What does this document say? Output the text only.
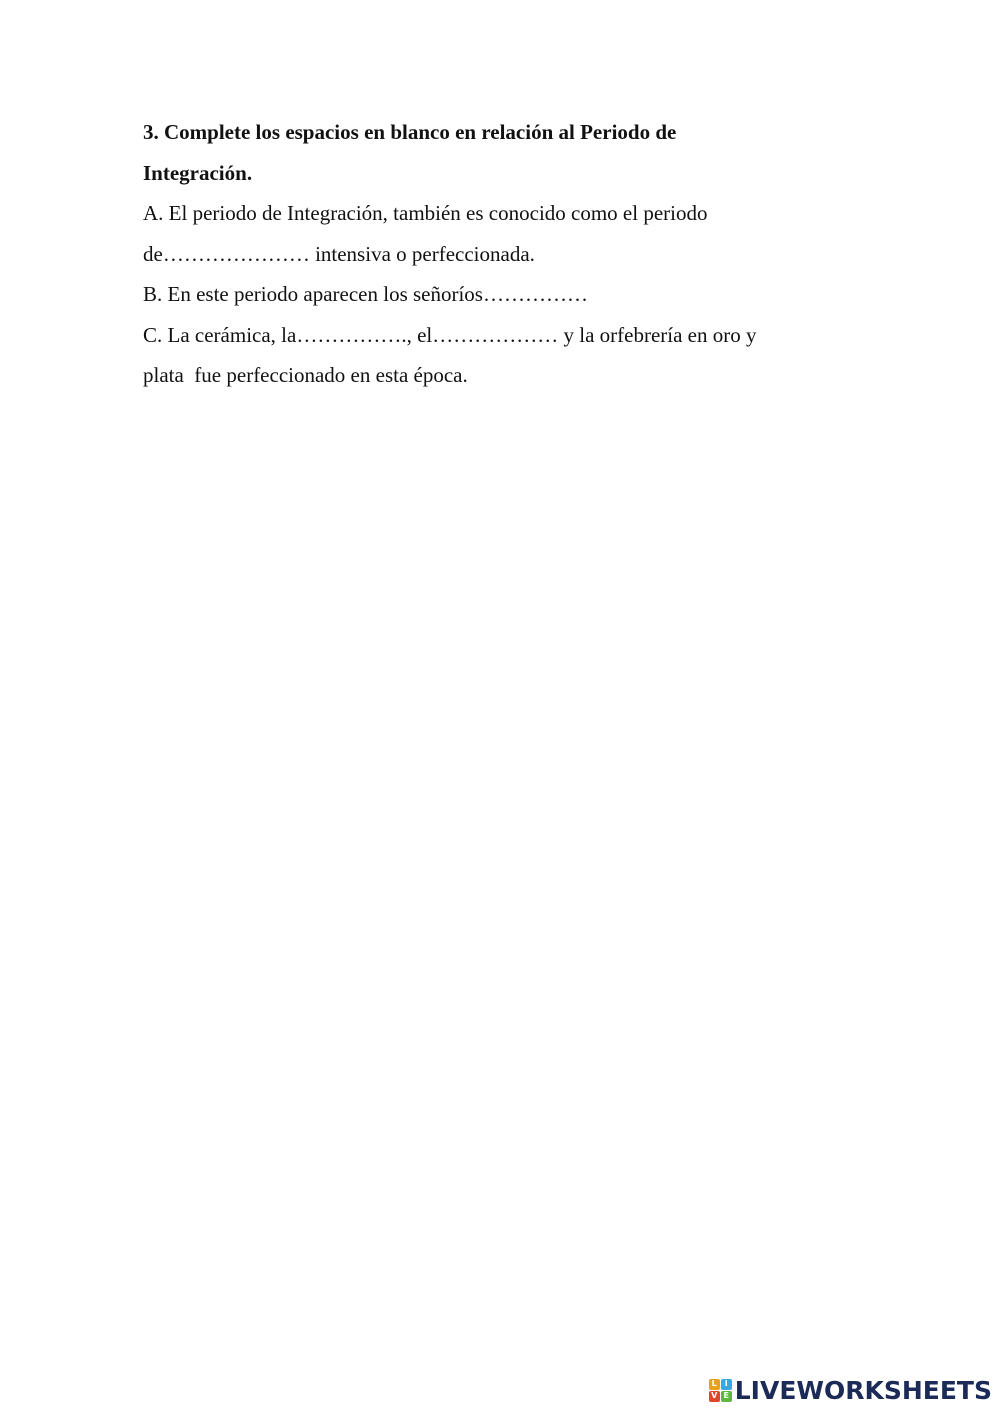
3. Complete los espacios en blanco en relación al Periodo de
Integración.
A. El periodo de Integración, también es conocido como el periodo
de………………… intensiva o perfeccionada.
B. En este periodo aparecen los señoríos……………
C. La cerámica, la……………., el……………… y la orfebrería en oro y
plata  fue perfeccionado en esta época.
L I
V E LIVEWORKSHEETS
